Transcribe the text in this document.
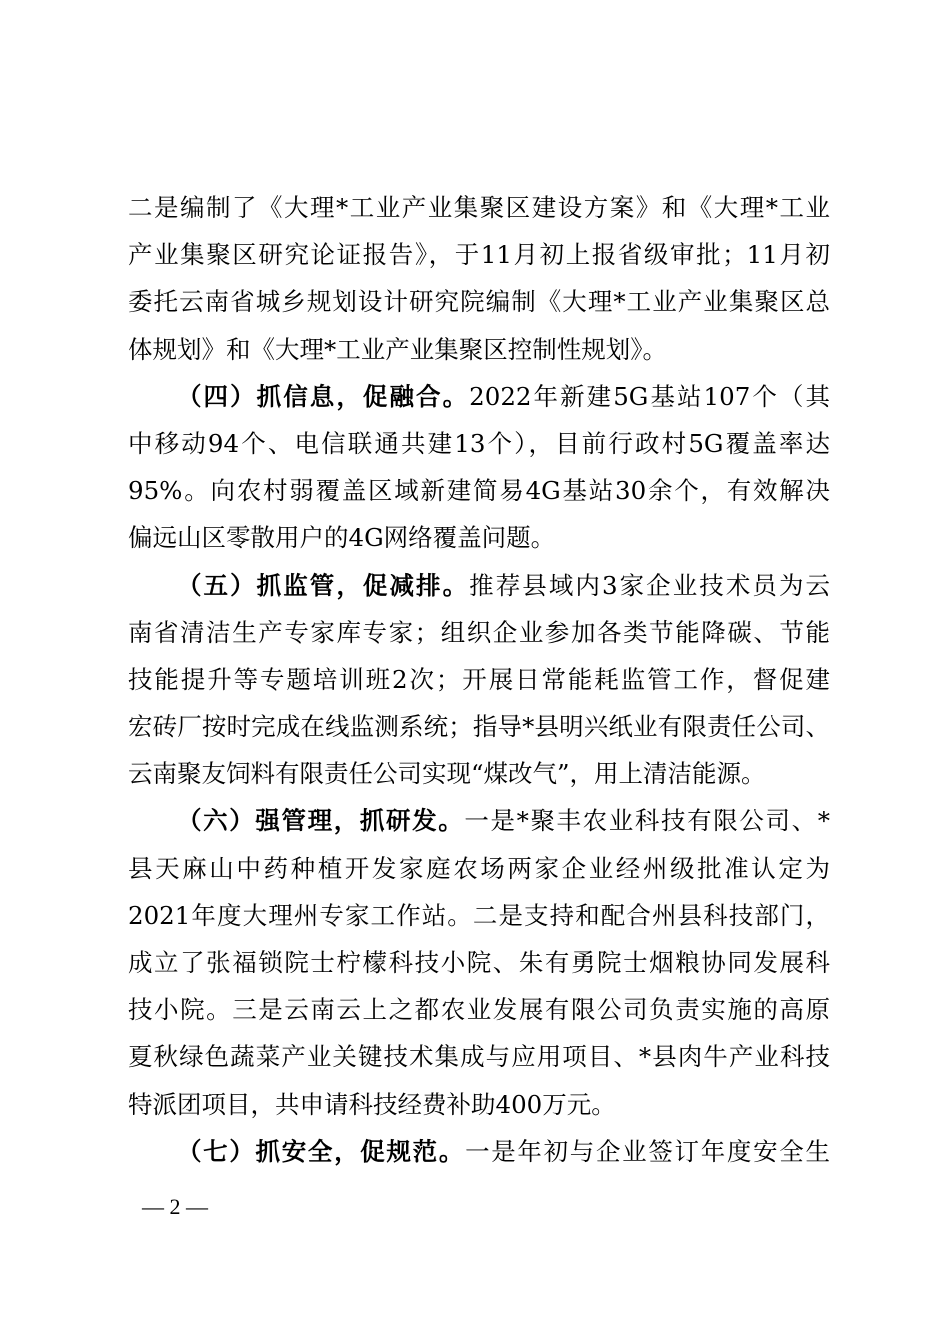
二是编制了《大理*工业产业集聚区建设方案》和《大理*工业
产业集聚区研究论证报告》，于11月初上报省级审批；11月初
委托云南省城乡规划设计研究院编制《大理*工业产业集聚区总
体规划》和《大理*工业产业集聚区控制性规划》。
（四）抓信息，促融合。2022年新建5G基站107个（其
中移动94个、电信联通共建13个），目前行政村5G覆盖率达
95%。向农村弱覆盖区域新建简易4G基站30余个，有效解决
偏远山区零散用户的4G网络覆盖问题。
（五）抓监管，促减排。推荐县域内3家企业技术员为云
南省清洁生产专家库专家；组织企业参加各类节能降碳、节能
技能提升等专题培训班2次；开展日常能耗监管工作，督促建
宏砖厂按时完成在线监测系统；指导*县明兴纸业有限责任公司、
云南聚友饲料有限责任公司实现“煤改气”，用上清洁能源。
（六）强管理，抓研发。一是*聚丰农业科技有限公司、*
县天麻山中药种植开发家庭农场两家企业经州级批准认定为
2021年度大理州专家工作站。二是支持和配合州县科技部门，
成立了张福锁院士柠檬科技小院、朱有勇院士烟粮协同发展科
技小院。三是云南云上之都农业发展有限公司负责实施的高原
夏秋绿色蔬菜产业关键技术集成与应用项目、*县肉牛产业科技
特派团项目，共申请科技经费补助400万元。
（七）抓安全，促规范。一是年初与企业签订年度安全生
— 2 —
